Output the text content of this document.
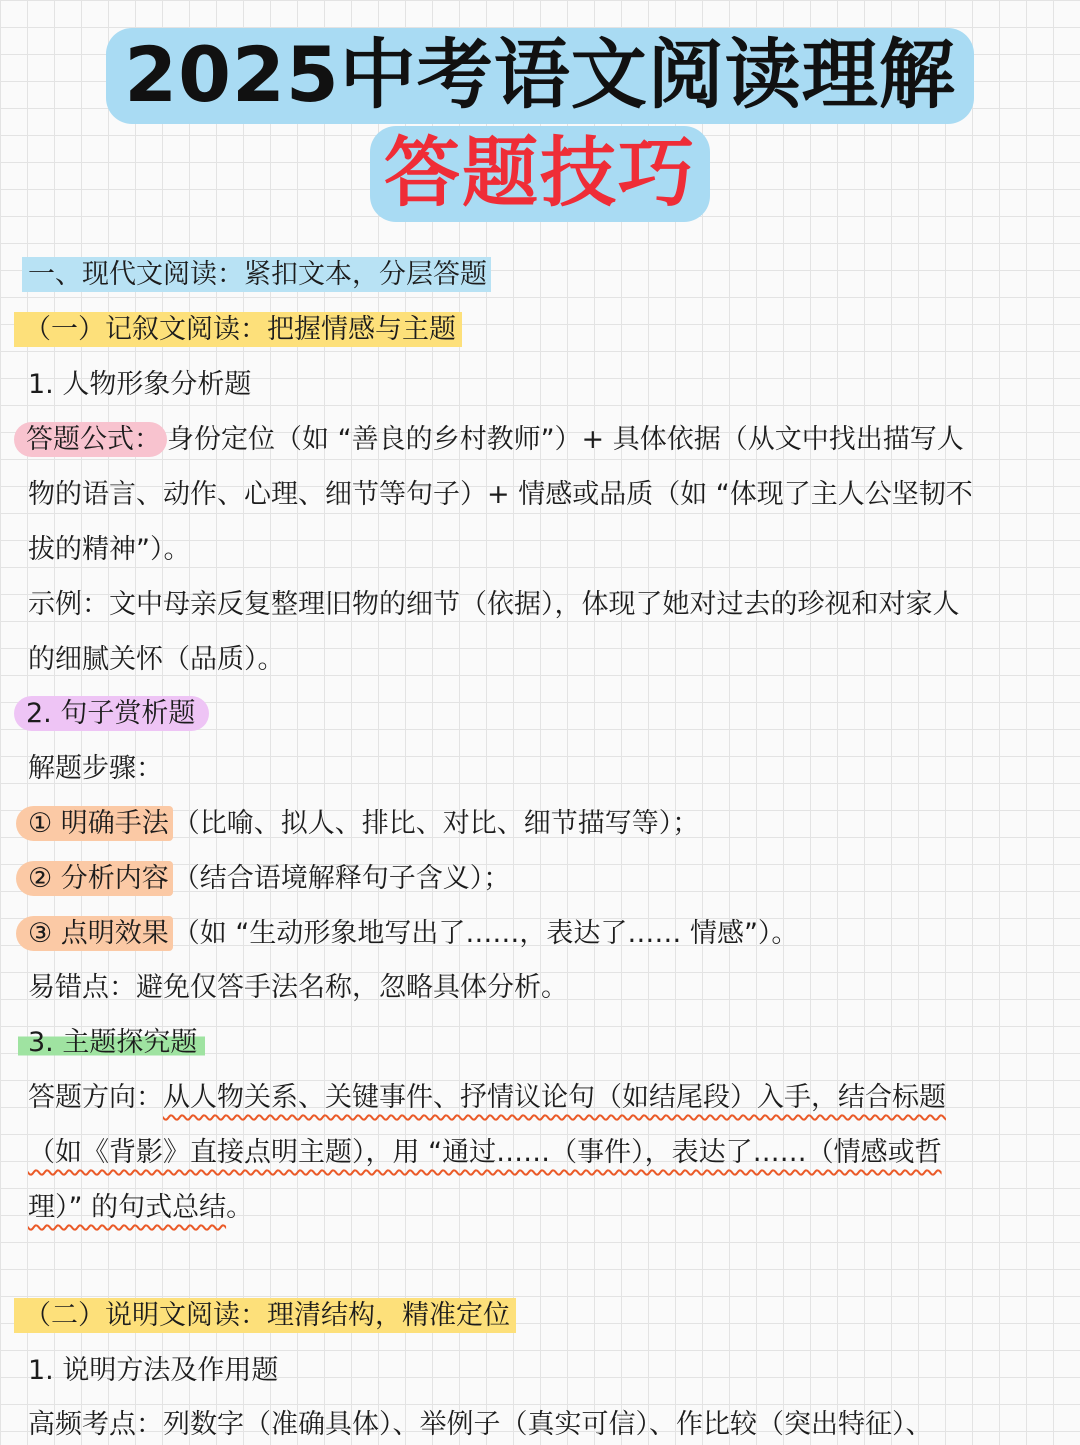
2025中考语文阅读理解
答题技巧
一、现代文阅读：紧扣文本，分层答题
（一）记叙文阅读：把握情感与主题
1. 人物形象分析题
答题公式： 身份定位（如 “善良的乡村教师”）+ 具体依据（从文中找出描写人
物的语言、动作、心理、细节等句子）+ 情感或品质（如 “体现了主人公坚韧不
拔的精神”）。
示例：文中母亲反复整理旧物的细节（依据），体现了她对过去的珍视和对家人
的细腻关怀（品质）。
2. 句子赏析题
解题步骤：
① 明确手法 （比喻、拟人、排比、对比、细节描写等）；
② 分析内容 （结合语境解释句子含义）；
③ 点明效果 （如 “生动形象地写出了……，表达了…… 情感”）。
易错点：避免仅答手法名称，忽略具体分析。
3. 主题探究题
答题方向：从人物关系、关键事件、抒情议论句（如结尾段）入手，结合标题
（如《背影》直接点明主题），用 “通过……（事件），表达了……（情感或哲
理）” 的句式总结。
（二）说明文阅读：理清结构，精准定位
1. 说明方法及作用题
高频考点：列数字（准确具体）、举例子（真实可信）、作比较（突出特征）、
